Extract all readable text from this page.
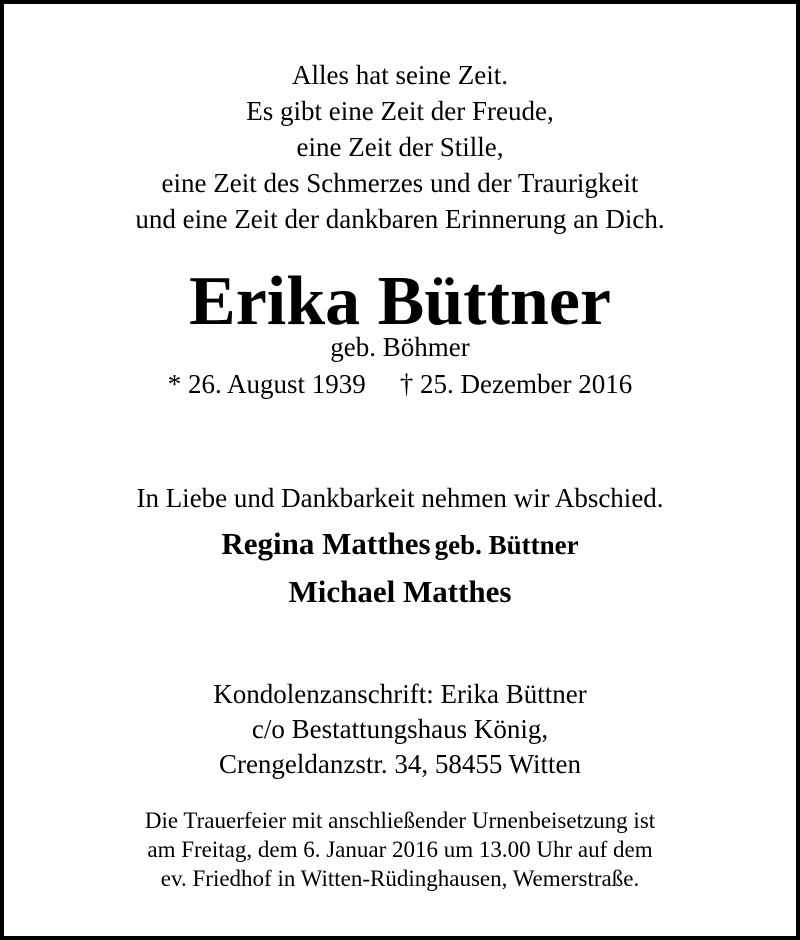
Alles hat seine Zeit.
Es gibt eine Zeit der Freude,
eine Zeit der Stille,
eine Zeit des Schmerzes und der Traurigkeit
und eine Zeit der dankbaren Erinnerung an Dich.
Erika Büttner
geb. Böhmer
* 26. August 1939 † 25. Dezember 2016
In Liebe und Dankbarkeit nehmen wir Abschied.
Regina Matthes geb. Büttner
Michael Matthes
Kondolenzanschrift: Erika Büttner
c/o Bestattungshaus König,
Crengeldanzstr. 34, 58455 Witten
Die Trauerfeier mit anschließender Urnenbeisetzung ist
am Freitag, dem 6. Januar 2016 um 13.00 Uhr auf dem
ev. Friedhof in Witten-Rüdinghausen, Wemerstraße.
